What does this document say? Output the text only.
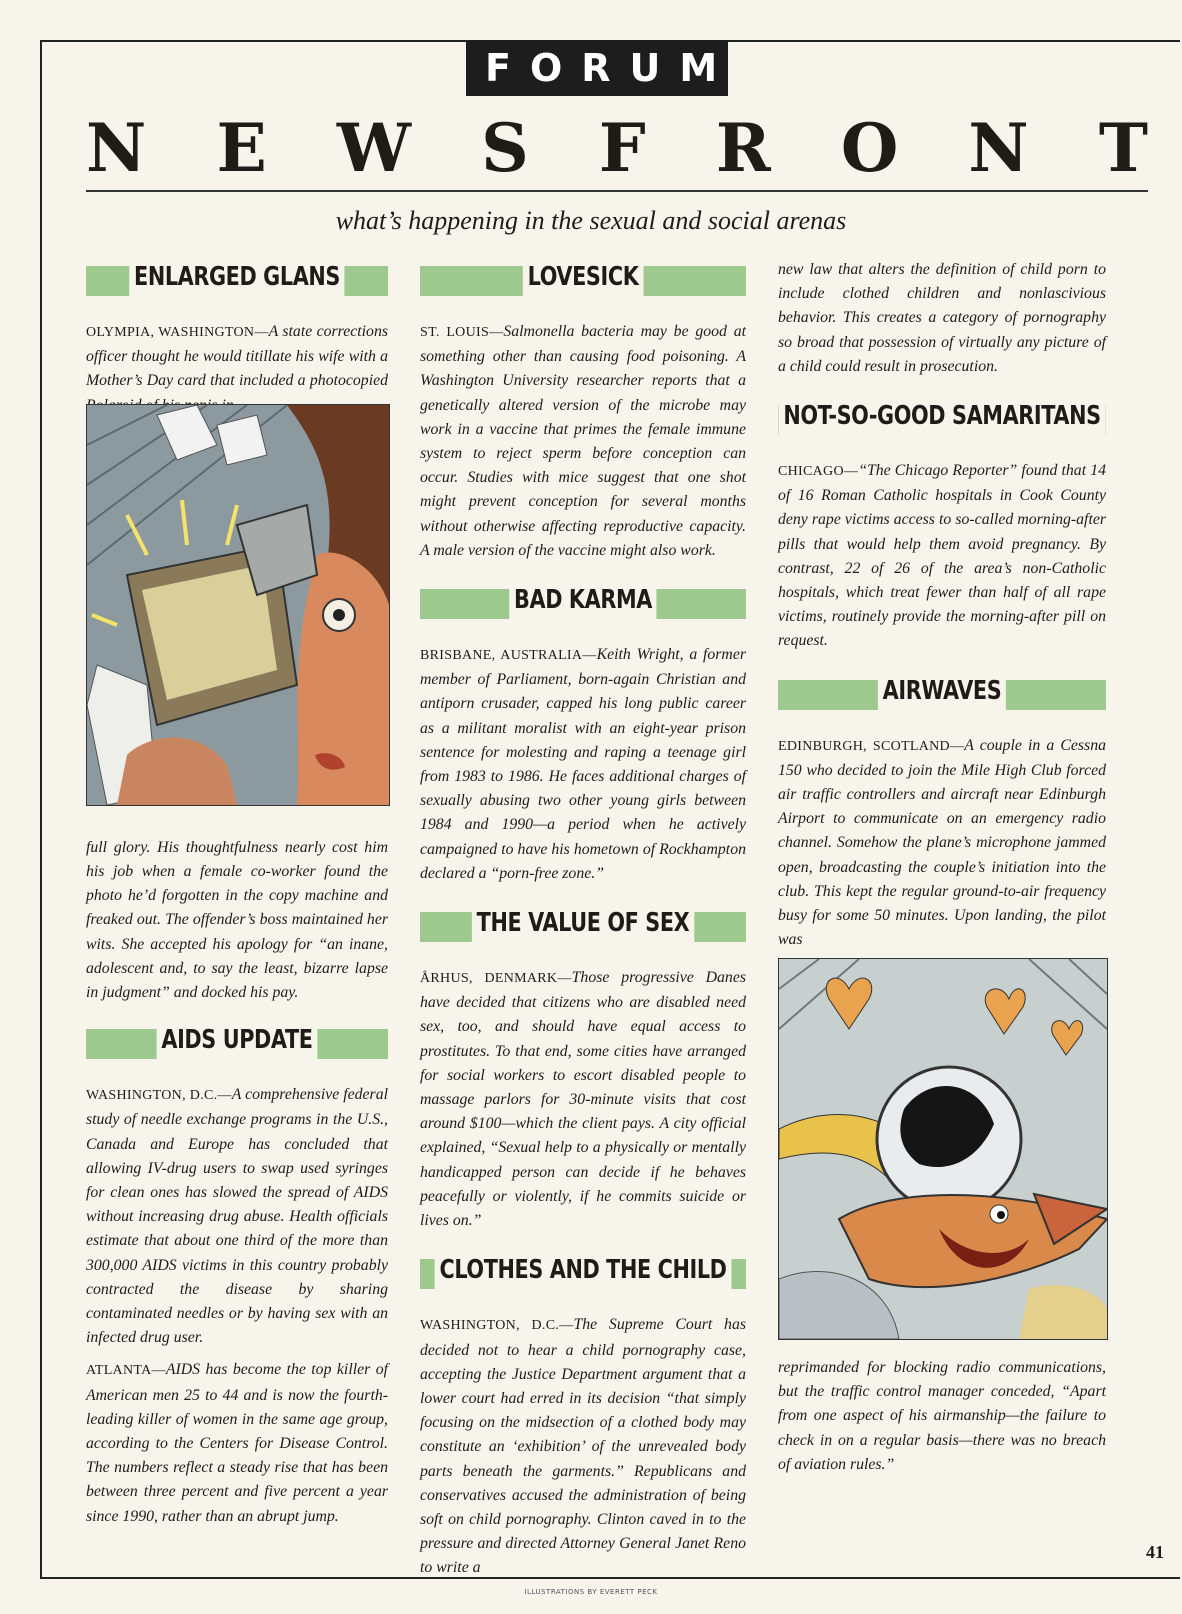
FORUM
N E W S F R O N T
what’s happening in the sexual and social arenas
ENLARGED GLANS

OLYMPIA, WASHINGTON—A state corrections officer thought he would titillate his wife with a Mother’s Day card that included a photocopied

full glory. His thoughtfulness nearly cost him his job when a female co-worker found the photo he’d forgotten in the copy machine and freaked out. The offender’s boss maintained her wits. She accepted his apology for “an inane, adolescent and, to say the least, bizarre lapse in judgment” and docked his pay.

AIDS UPDATE

WASHINGTON, D.C.—A comprehensive federal study of needle exchange programs in the U.S., Canada and Europe has concluded that allowing IV-drug users to swap used syringes for clean ones has slowed the spread of AIDS without increasing drug abuse. Health officials estimate that about one third of the more than 300,000 AIDS victims in this country probably contracted the disease by sharing contaminated needles or by having sex with an infected drug user.

ATLANTA—AIDS has become the top killer of American men 25 to 44 and is now the fourth-leading killer of women in the same age group, according to the Centers for Disease Control. The numbers reflect a steady rise that has been between three percent and five percent a year since 1990, rather than an abrupt jump.

LOVESICK

ST. LOUIS—Salmonella bacteria may be good at something other than causing food poisoning. A Washington University researcher reports that a genetically altered version of the microbe may work in a vaccine that primes the female immune system to reject sperm before conception can occur. Studies with mice suggest that one shot might prevent conception for several months without otherwise affecting reproductive capacity. A male version of the vaccine might also work.

BAD KARMA

BRISBANE, AUSTRALIA—Keith Wright, a former member of Parliament, born-again Christian and antiporn crusader, capped his long public career as a militant moralist with an eight-year prison sentence for molesting and raping a teenage girl from 1983 to 1986. He faces additional charges of sexually abusing two other young girls between 1984 and 1990—a period when he actively campaigned to have his hometown of Rockhampton declared a “porn-free zone.”

THE VALUE OF SEX

ÅRHUS, DENMARK—Those progressive Danes have decided that citizens who are disabled need sex, too, and should have equal access to prostitutes. To that end, some cities have arranged for social workers to escort disabled people to massage parlors for 30-minute visits that cost around $100—which the client pays. A city official explained, “Sexual help to a physically or mentally handicapped person can decide if he behaves peacefully or violently, if he commits suicide or lives on.”

CLOTHES AND THE CHILD

WASHINGTON, D.C.—The Supreme Court has decided not to hear a child pornography case, accepting the Justice Department argument that a lower court had erred in its decision “that simply focusing on the midsection of a clothed body may constitute an ‘exhibition’ of the unrevealed body parts beneath the garments.” Republicans and conservatives accused the administration of being soft on child pornography. Clinton caved in to the pressure and directed Attorney General Janet Reno to write a

new law that alters the definition of child porn to include clothed children and nonlascivious behavior. This creates a category of pornography so broad that possession of virtually any picture of a child could result in prosecution.

NOT-SO-GOOD SAMARITANS

CHICAGO—“The Chicago Reporter” found that 14 of 16 Roman Catholic hospitals in Cook County deny rape victims access to so-called morning-after pills that would help them avoid pregnancy. By contrast, 22 of 26 of the area’s non-Catholic hospitals, which treat fewer than half of all rape victims, routinely provide the morning-after pill on request.

AIRWAVES

EDINBURGH, SCOTLAND—A couple in a Cessna 150 who decided to join the Mile High Club forced air traffic controllers and aircraft near Edinburgh Airport to communicate on an emergency radio channel. Somehow the plane’s microphone jammed open, broadcasting the couple’s initiation into the club. This kept the regular ground-to-air frequency busy for some 50 minutes. Upon landing, the pilot was

reprimanded for blocking radio communications, but the traffic control manager conceded, “Apart from one aspect of his airmanship—the failure to check in on a regular basis—there was no breach of aviation rules.”

41
ILLUSTRATIONS BY EVERETT PECK
